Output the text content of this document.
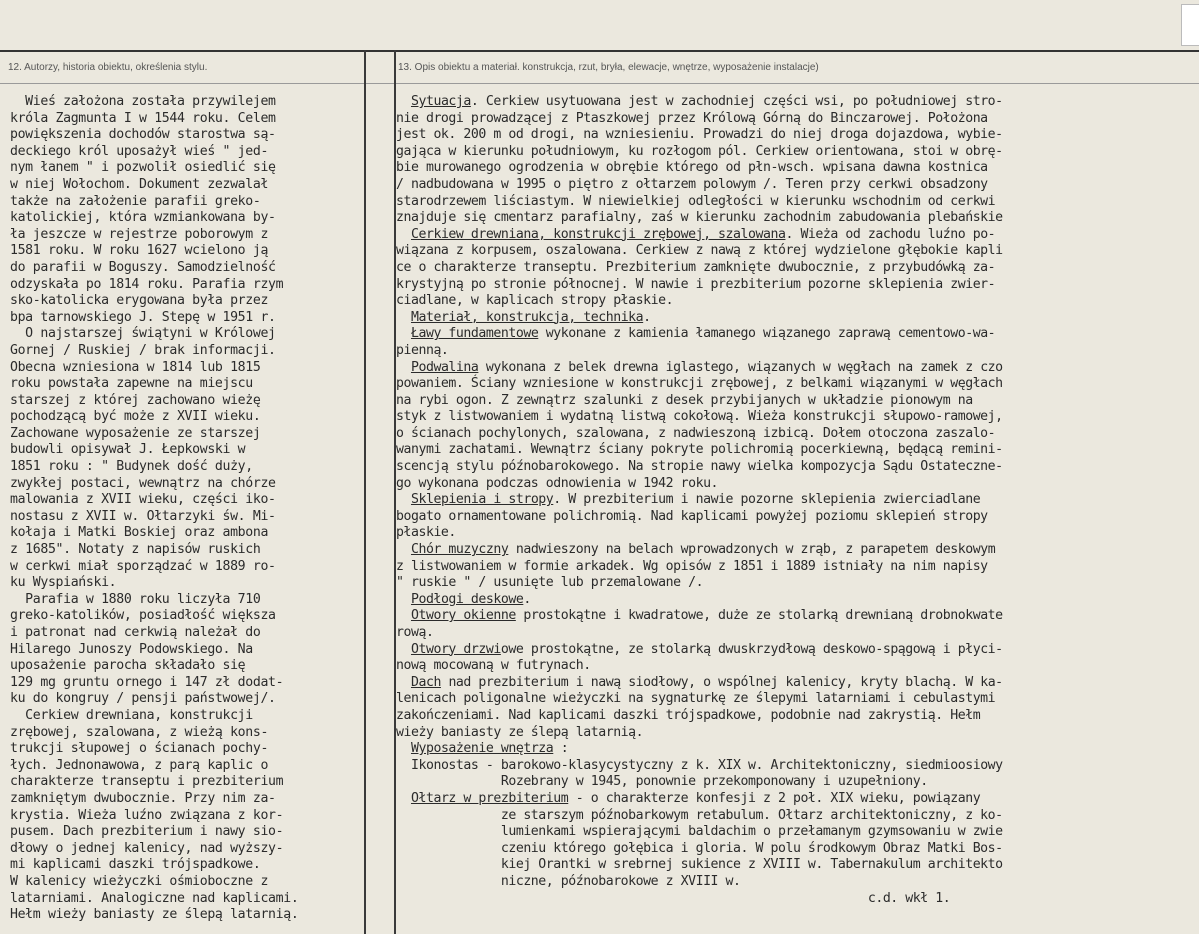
12. Autorzy, historia obiektu, określenia stylu.	13. Opis obiektu a materiał. konstrukcja, rzut, bryła, elewacje, wnętrze, wyposażenie instalacje)
Wieś założona została przywilejem
króla Zagmunta I w 1544 roku. Celem
powiększenia dochodów starostwa są-
deckiego król uposażył wieś " jed-
nym łanem " i pozwolił osiedlić się
w niej Wołochom. Dokument zezwalał
także na założenie parafii greko-
katolickiej, która wzmiankowana by-
ła jeszcze w rejestrze poborowym z
1581 roku. W roku 1627 wcielono ją
do parafii w Boguszy. Samodzielność
odzyskała po 1814 roku. Parafia rzym
sko-katolicka erygowana była przez
bpa tarnowskiego J. Stepę w 1951 r.
O najstarszej świątyni w Królowej
Gornej / Ruskiej / brak informacji.
Obecna wzniesiona w 1814 lub 1815
roku powstała zapewne na miejscu
starszej z której zachowano wieżę
pochodzącą być może z XVII wieku.
Zachowane wyposażenie ze starszej
budowli opisywał J. Łepkowski w
1851 roku : " Budynek dość duży,
zwykłej postaci, wewnątrz na chórze
malowania z XVII wieku, części iko-
nostasu z XVII w. Ołtarzyki św. Mi-
kołaja i Matki Boskiej oraz ambona
z 1685". Notaty z napisów ruskich
w cerkwi miał sporządzać w 1889 ro-
ku Wyspiański.
Parafia w 1880 roku liczyła 710
greko-katolików, posiadłość większa
i patronat nad cerkwią należał do
Hilarego Junoszy Podowskiego. Na
uposażenie parocha składało się
129 mg gruntu ornego i 147 zł dodat-
ku do kongruy / pensji państwowej/.
Cerkiew drewniana, konstrukcji
zrębowej, szalowana, z wieżą kons-
trukcji słupowej o ścianach pochy-
łych. Jednonawowa, z parą kaplic o
charakterze transeptu i prezbiterium
zamkniętym dwubocznie. Przy nim za-
krystia. Wieża luźno związana z kor-
pusem. Dach prezbiterium i nawy sio-
dłowy o jednej kalenicy, nad wyższy-
mi kaplicami daszki trójspadkowe.
W kalenicy wieżyczki ośmioboczne z
latarniami. Analogiczne nad kaplicami.
Hełm wieży baniasty ze ślepą latarnią.
Sytuacja. Cerkiew usytuowana jest w zachodniej części wsi, po południowej stro-
nie drogi prowadzącej z Ptaszkowej przez Królową Górną do Binczarowej. Położona
jest ok. 200 m od drogi, na wzniesieniu. Prowadzi do niej droga dojazdowa, wybie-
gająca w kierunku południowym, ku rozłogom pól. Cerkiew orientowana, stoi w obrę-
bie murowanego ogrodzenia w obrębie którego od płn-wsch. wpisana dawna kostnica
/ nadbudowana w 1995 o piętro z ołtarzem polowym /. Teren przy cerkwi obsadzony
starodrzewem liściastym. W niewielkiej odległości w kierunku wschodnim od cerkwi
znajduje się cmentarz parafialny, zaś w kierunku zachodnim zabudowania plebańskie
Cerkiew drewniana, konstrukcji zrębowej, szalowana. Wieża od zachodu luźno po-
wiązana z korpusem, oszalowana. Cerkiew z nawą z której wydzielone głębokie kapli
ce o charakterze transeptu. Prezbiterium zamknięte dwubocznie, z przybudówką za-
krystyjną po stronie północnej. W nawie i prezbiterium pozorne sklepienia zwier-
ciadlane, w kaplicach stropy płaskie.
Materiał, konstrukcja, technika.
Ławy fundamentowe wykonane z kamienia łamanego wiązanego zaprawą cementowo-wa-
pienną.
Podwalina wykonana z belek drewna iglastego, wiązanych w węgłach na zamek z czo
powaniem. Ściany wzniesione w konstrukcji zrębowej, z belkami wiązanymi w węgłach
na rybi ogon. Z zewnątrz szalunki z desek przybijanych w układzie pionowym na
styk z listwowaniem i wydatną listwą cokołową. Wieża konstrukcji słupowo-ramowej,
o ścianach pochylonych, szalowana, z nadwieszoną izbicą. Dołem otoczona zaszalo-
wanymi zachatami. Wewnątrz ściany pokryte polichromią pocerkiewną, będącą remini-
scencją stylu późnobarokowego. Na stropie nawy wielka kompozycja Sądu Ostateczne-
go wykonana podczas odnowienia w 1942 roku.
Sklepienia i stropy. W prezbiterium i nawie pozorne sklepienia zwierciadlane
bogato ornamentowane polichromią. Nad kaplicami powyżej poziomu sklepień stropy
płaskie.
Chór muzyczny nadwieszony na belach wprowadzonych w zrąb, z parapetem deskowym
z listwowaniem w formie arkadek. Wg opisów z 1851 i 1889 istniały na nim napisy
" ruskie " / usunięte lub przemalowane /.
Podłogi deskowe.
Otwory okienne prostokątne i kwadratowe, duże ze stolarką drewnianą drobnokwate
rową.
Otwory drzwiowe prostokątne, ze stolarką dwuskrzydłową deskowo-spągową i płyci-
nową mocowaną w futrynach.
Dach nad prezbiterium i nawą siodłowy, o wspólnej kalenicy, kryty blachą. W ka-
lenicach poligonalne wieżyczki na sygnaturkę ze ślepymi latarniami i cebulastymi
zakończeniami. Nad kaplicami daszki trójspadkowe, podobnie nad zakrystią. Hełm
wieży baniasty ze ślepą latarnią.
Wyposażenie wnętrza :
Ikonostas - barokowo-klasycystyczny z k. XIX w. Architektoniczny, siedmioosiowy
Rozebrany w 1945, ponownie przekomponowany i uzupełniony.
Ołtarz w prezbiterium - o charakterze konfesji z 2 poł. XIX wieku, powiązany
ze starszym późnobarkowym retabulum. Ołtarz architektoniczny, z ko-
lumienkami wspierającymi baldachim o przełamanym gzymsowaniu w zwie
czeniu którego gołębica i gloria. W polu środkowym Obraz Matki Bos-
kiej Orantki w srebrnej sukience z XVIII w. Tabernakulum architekto
niczne, późnobarokowe z XVIII w.
c.d. wkł 1.
